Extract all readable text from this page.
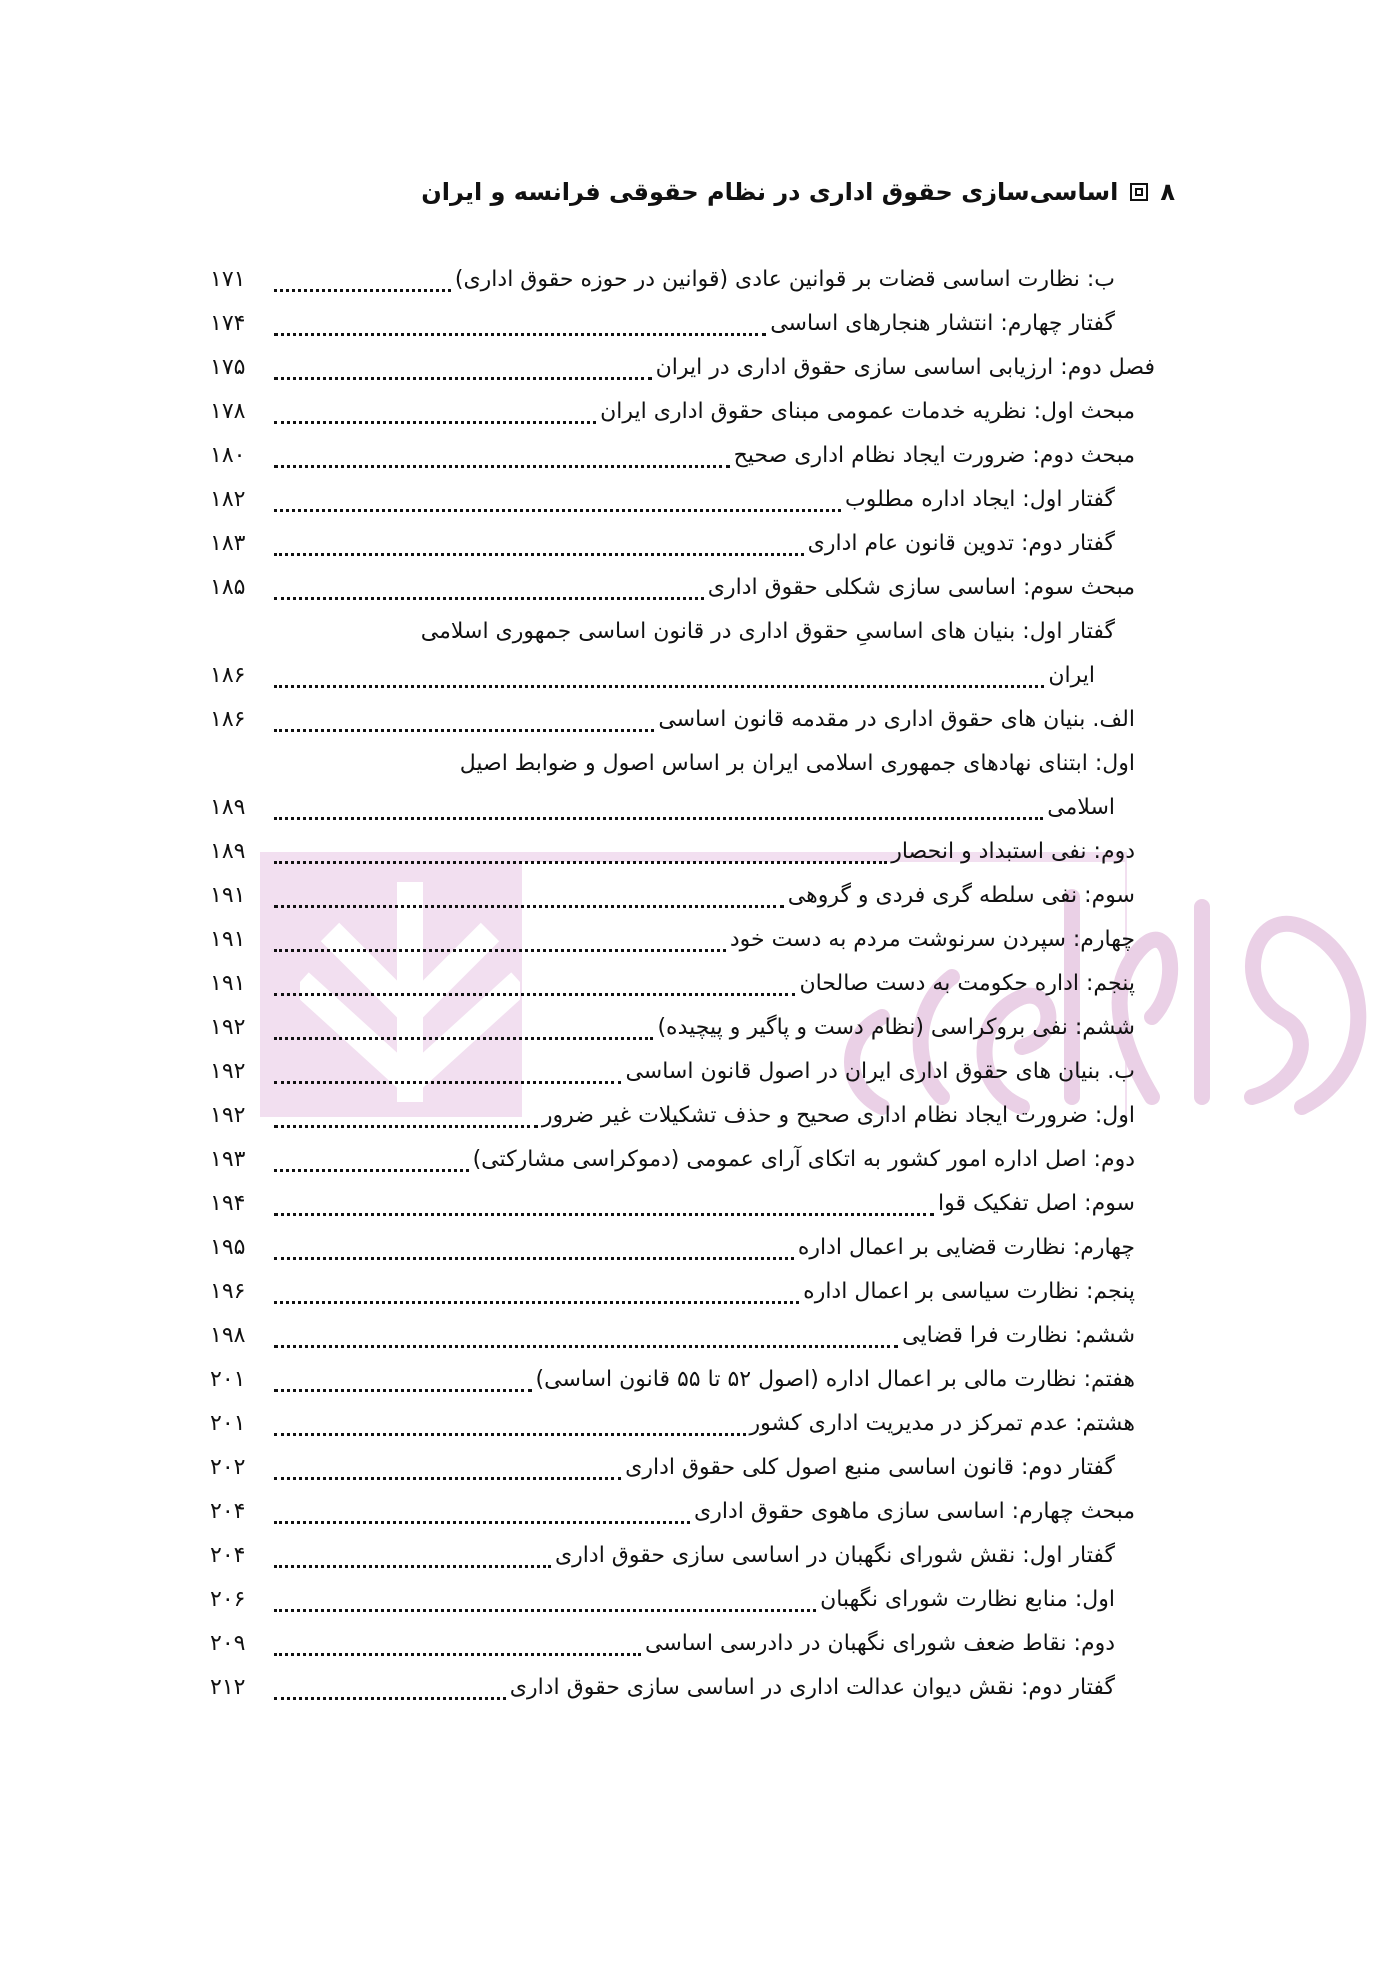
۸
اساسی‌سازی حقوق اداری در نظام حقوقی فرانسه و ایران
ب: نظارت اساسی قضات بر قوانین عادی (قوانین در حوزه حقوق اداری)
۱۷۱
گفتار چهارم: انتشار هنجارهای اساسی
۱۷۴
فصل دوم: ارزیابی اساسی سازی حقوق اداری در ایران
۱۷۵
مبحث اول: نظریه خدمات عمومی مبنای حقوق اداری ایران
۱۷۸
مبحث دوم: ضرورت ایجاد نظام اداری صحیح
۱۸۰
گفتار اول: ایجاد اداره مطلوب
۱۸۲
گفتار دوم: تدوین قانون عام اداری
۱۸۳
مبحث سوم: اساسی سازی شکلی حقوق اداری
۱۸۵
گفتار اول: بنیان های اساسیِ حقوق اداری در قانون اساسی جمهوری اسلامی
ایران
۱۸۶
الف. بنیان های حقوق اداری در مقدمه قانون اساسی
۱۸۶
اول: ابتنای نهادهای جمهوری اسلامی ایران بر اساس اصول و ضوابط اصیل
اسلامی
۱۸۹
دوم: نفی استبداد و انحصار
۱۸۹
سوم: نفی سلطه گری فردی و گروهی
۱۹۱
چهارم: سپردن سرنوشت مردم به دست خود
۱۹۱
پنجم: اداره حکومت به دست صالحان
۱۹۱
ششم: نفی بروکراسی (نظام دست و پاگیر و پیچیده)
۱۹۲
ب. بنیان های حقوق اداری ایران در اصول قانون اساسی
۱۹۲
اول: ضرورت ایجاد نظام اداری صحیح و حذف تشکیلات غیر ضرور
۱۹۲
دوم: اصل اداره امور کشور به اتکای آرای عمومی (دموکراسی مشارکتی)
۱۹۳
سوم: اصل تفکیک قوا
۱۹۴
چهارم: نظارت قضایی بر اعمال اداره
۱۹۵
پنجم: نظارت سیاسی بر اعمال اداره
۱۹۶
ششم: نظارت فرا قضایی
۱۹۸
هفتم: نظارت مالی بر اعمال اداره (اصول ۵۲ تا ۵۵ قانون اساسی)
۲۰۱
هشتم: عدم تمرکز در مدیریت اداری کشور
۲۰۱
گفتار دوم: قانون اساسی منبع اصول کلی حقوق اداری
۲۰۲
مبحث چهارم: اساسی سازی ماهوی حقوق اداری
۲۰۴
گفتار اول: نقش شورای نگهبان در اساسی سازی حقوق اداری
۲۰۴
اول: منابع نظارت شورای نگهبان
۲۰۶
دوم: نقاط ضعف شورای نگهبان در دادرسی اساسی
۲۰۹
گفتار دوم: نقش دیوان عدالت اداری در اساسی سازی حقوق اداری
۲۱۲
